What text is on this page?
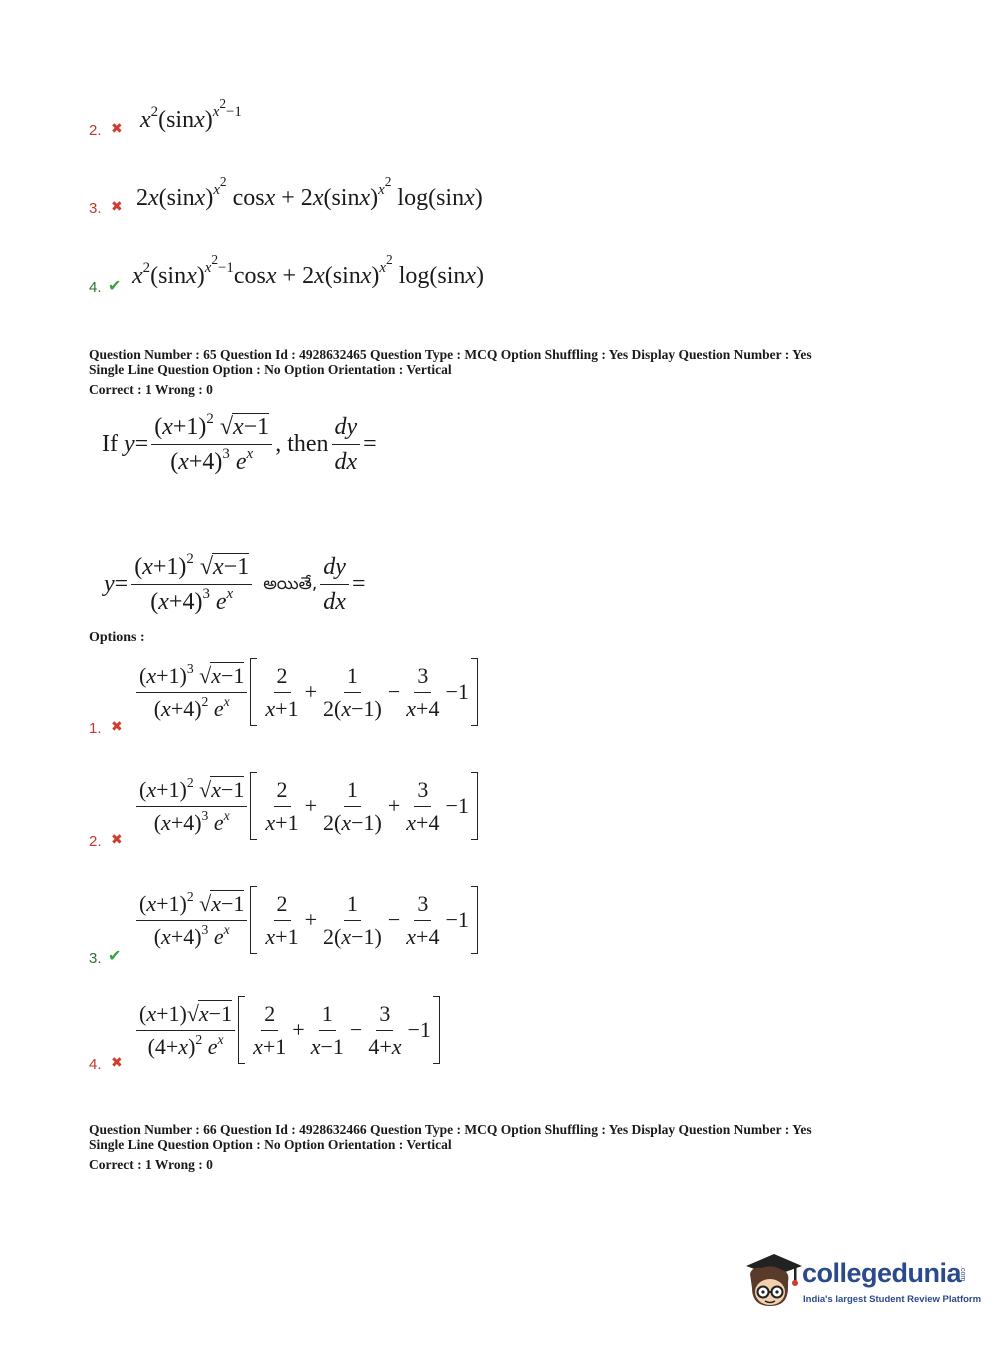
2. ✖ $x^2(\sin x)^{x^2-1}$
3. ✖ $2x(\sin x)^{x^2}$ $\cos x + 2x(\sin x)^{x^2}$ log(sinx)
4. ✔ $x^2(\sin x)^{x^2-1}\cos x + 2x(\sin x)^{x^2}$ log(sinx)
Question Number : 65 Question Id : 4928632465 Question Type : MCQ Option Shuffling : Yes Display Question Number : Yes
Single Line Question Option : No Option Orientation : Vertical
Correct : 1 Wrong : 0
If
$y = \frac{(x+1)^2 √x-1}{(x+4)^3 e^x}$ , then $\frac{dy}{dx}$ =
$y = \frac{(x+1)^2 √x-1}{(x+4)^3 e^x}$ అయితే, $\frac{dy}{dx}$ =
Options :
1. ✖
$\frac{(x+1)^3 √x-1}{(x+4)^2 e^x} \frac{2}{x+1} + \frac{1}{2(x-1)} - \frac{3}{x+4} -1$
2. ✖
$\frac{(x+1)^2 √x-1}{(x+4)^3 e^x} \frac{2}{x+1} + \frac{1}{2(x-1)} + \frac{3}{x+4} -1$
3. ✔
$\frac{(x+1)^2 √x-1}{(x+4)^3 e^x} \frac{2}{x+1} + \frac{1}{2(x-1)} - \frac{3}{x+4} -1$
4. ✖
$\frac{(x+1)√x-1}{(4+x)^2 e^x} \frac{2}{x+1} + \frac{1}{x-1} - \frac{3}{4+x} -1$
Question Number : 66 Question Id : 4928632466 Question Type : MCQ Option Shuffling : Yes Display Question Number : Yes
Single Line Question Option : No Option Orientation : Vertical
Correct : 1 Wrong : 0
collegedunia
.com
India's largest Student Review Platform
